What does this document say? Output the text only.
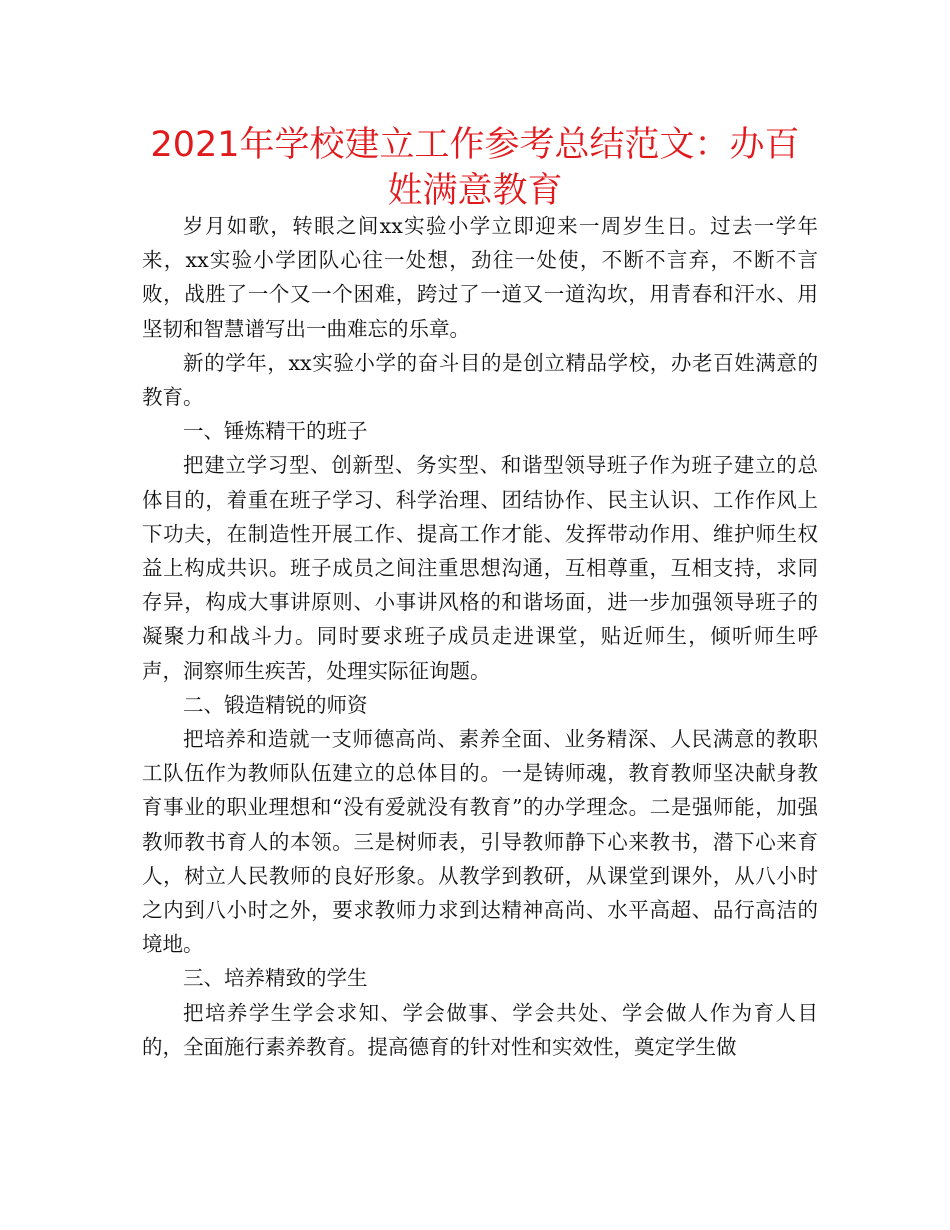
2021年学校建立工作参考总结范文：办百姓满意教育

岁月如歌，转眼之间xx实验小学立即迎来一周岁生日。过去一学年来，xx实验小学团队心往一处想，劲往一处使，不断不言弃，不断不言败，战胜了一个又一个困难，跨过了一道又一道沟坎，用青春和汗水、用坚韧和智慧谱写出一曲难忘的乐章。

新的学年，xx实验小学的奋斗目的是创立精品学校，办老百姓满意的教育。

一、锤炼精干的班子

把建立学习型、创新型、务实型、和谐型领导班子作为班子建立的总体目的，着重在班子学习、科学治理、团结协作、民主认识、工作作风上下功夫，在制造性开展工作、提高工作才能、发挥带动作用、维护师生权益上构成共识。班子成员之间注重思想沟通，互相尊重，互相支持，求同存异，构成大事讲原则、小事讲风格的和谐场面，进一步加强领导班子的凝聚力和战斗力。同时要求班子成员走进课堂，贴近师生，倾听师生呼声，洞察师生疾苦，处理实际征询题。

二、锻造精锐的师资

把培养和造就一支师德高尚、素养全面、业务精深、人民满意的教职工队伍作为教师队伍建立的总体目的。一是铸师魂，教育教师坚决献身教育事业的职业理想和“没有爱就没有教育”的办学理念。二是强师能，加强教师教书育人的本领。三是树师表，引导教师静下心来教书，潜下心来育人，树立人民教师的良好形象。从教学到教研，从课堂到课外，从八小时之内到八小时之外，要求教师力求到达精神高尚、水平高超、品行高洁的境地。

三、培养精致的学生

把培养学生学会求知、学会做事、学会共处、学会做人作为育人目的，全面施行素养教育。提高德育的针对性和实效性，奠定学生做
